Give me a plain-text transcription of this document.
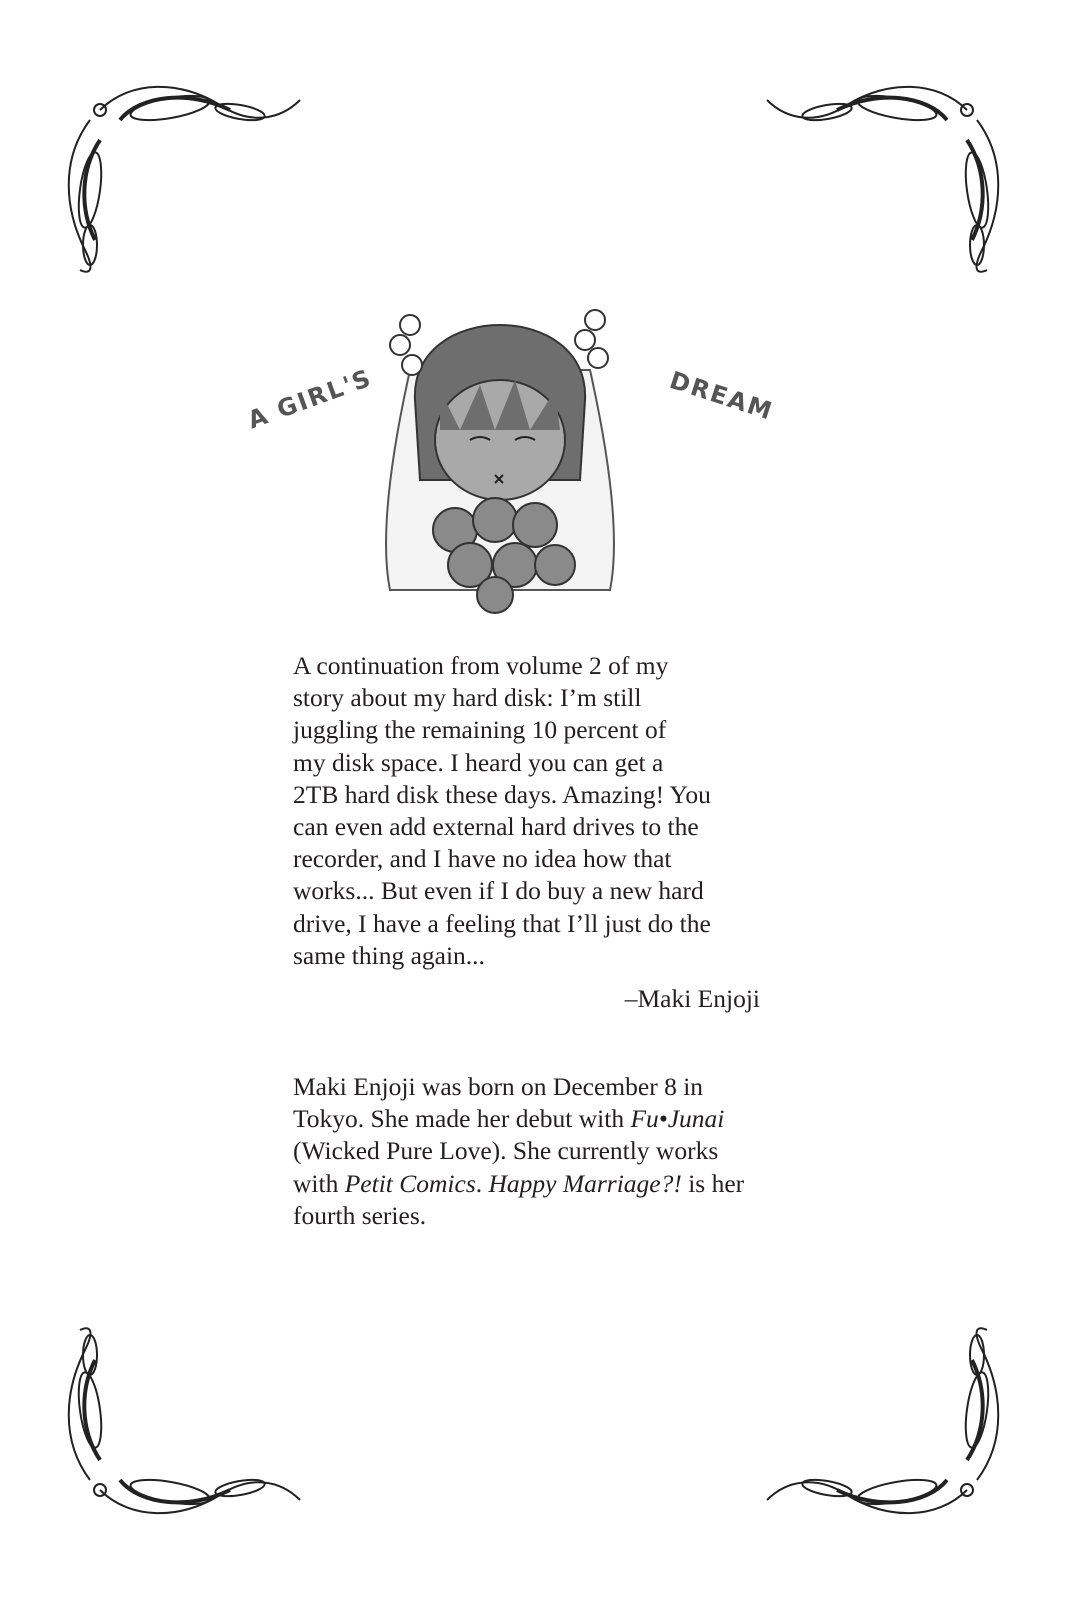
A GIRL'S	DREAM
A continuation from volume 2 of my
story about my hard disk: I’m still
juggling the remaining 10 percent of
my disk space. I heard you can get a
2TB hard disk these days. Amazing! You
can even add external hard drives to the
recorder, and I have no idea how that
works... But even if I do buy a new hard
drive, I have a feeling that I’ll just do the
same thing again...
–Maki Enjoji
Maki Enjoji was born on December 8 in
Tokyo. She made her debut with Fu•Junai
(Wicked Pure Love). She currently works
with Petit Comics. Happy Marriage?! is her
fourth series.
